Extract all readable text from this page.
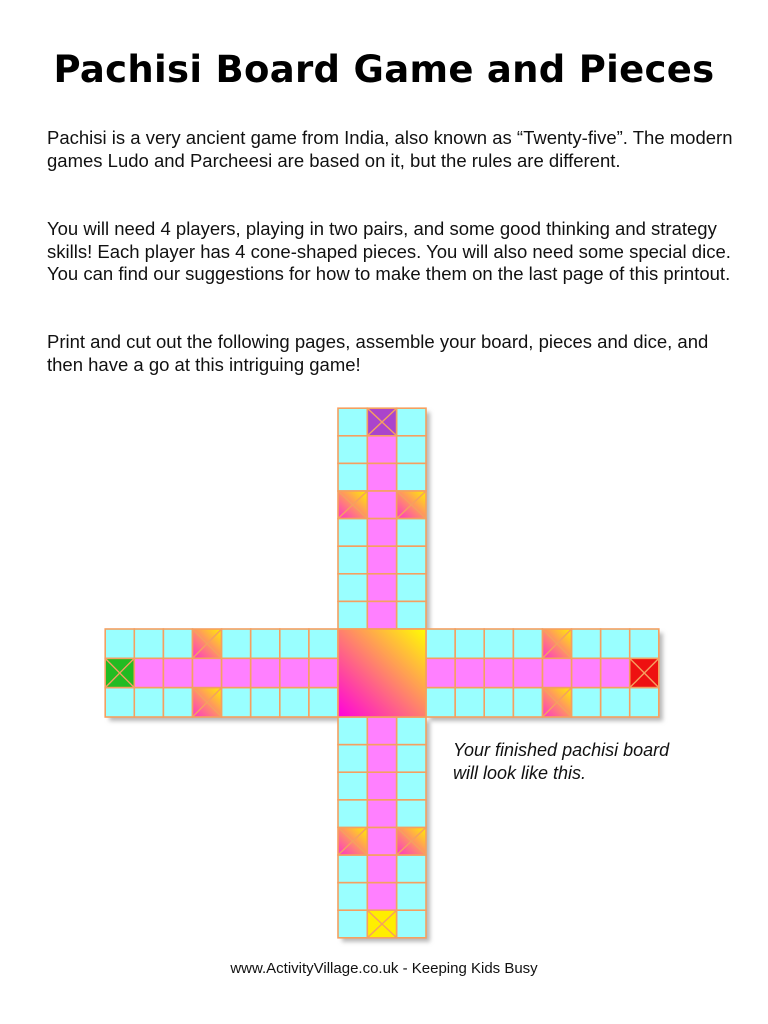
Pachisi Board Game and Pieces

Pachisi is a very ancient game from India, also known as “Twenty-five”. The modern games Ludo and Parcheesi are based on it, but the rules are different.

You will need 4 players, playing in two pairs, and some good thinking and strategy skills! Each player has 4 cone-shaped pieces. You will also need some special dice. You can find our suggestions for how to make them on the last page of this printout.

Print and cut out the following pages, assemble your board, pieces and dice, and then have a go at this intriguing game!

Your finished pachisi board will look like this.
www.ActivityVillage.co.uk - Keeping Kids Busy
